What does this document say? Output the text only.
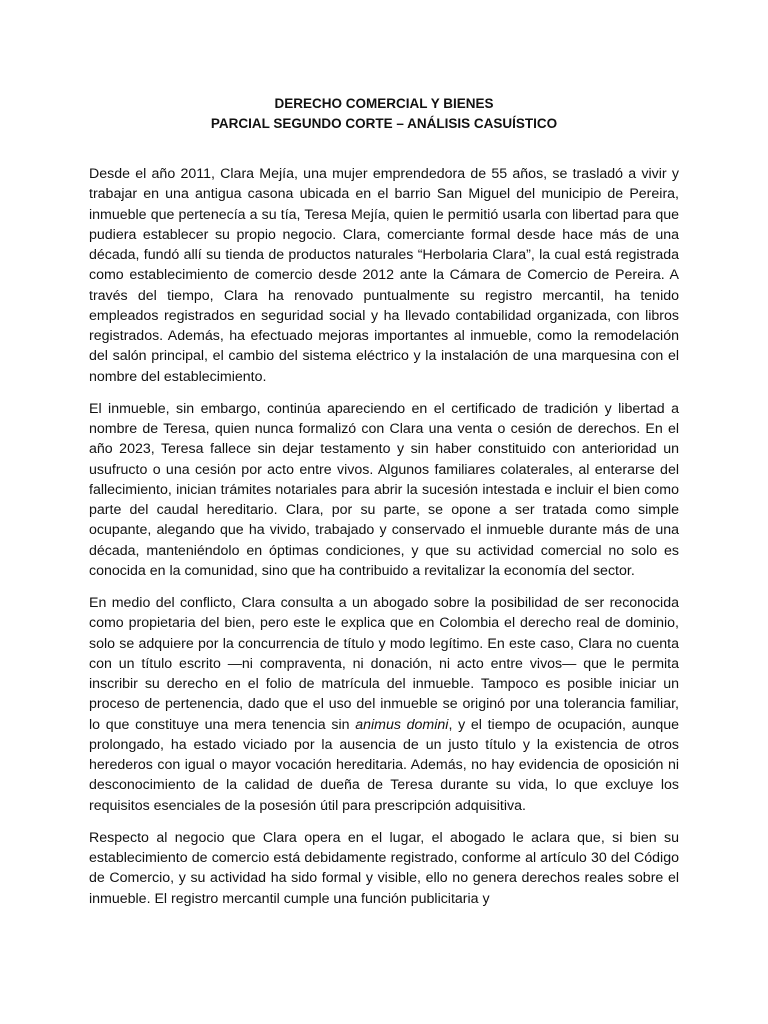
DERECHO COMERCIAL Y BIENES

PARCIAL SEGUNDO CORTE – ANÁLISIS CASUÍSTICO

Desde el año 2011, Clara Mejía, una mujer emprendedora de 55 años, se trasladó a vivir y trabajar en una antigua casona ubicada en el barrio San Miguel del municipio de Pereira, inmueble que pertenecía a su tía, Teresa Mejía, quien le permitió usarla con libertad para que pudiera establecer su propio negocio. Clara, comerciante formal desde hace más de una década, fundó allí su tienda de productos naturales “Herbolaria Clara”, la cual está registrada como establecimiento de comercio desde 2012 ante la Cámara de Comercio de Pereira. A través del tiempo, Clara ha renovado puntualmente su registro mercantil, ha tenido empleados registrados en seguridad social y ha llevado contabilidad organizada, con libros registrados. Además, ha efectuado mejoras importantes al inmueble, como la remodelación del salón principal, el cambio del sistema eléctrico y la instalación de una marquesina con el nombre del establecimiento.

El inmueble, sin embargo, continúa apareciendo en el certificado de tradición y libertad a nombre de Teresa, quien nunca formalizó con Clara una venta o cesión de derechos. En el año 2023, Teresa fallece sin dejar testamento y sin haber constituido con anterioridad un usufructo o una cesión por acto entre vivos. Algunos familiares colaterales, al enterarse del fallecimiento, inician trámites notariales para abrir la sucesión intestada e incluir el bien como parte del caudal hereditario. Clara, por su parte, se opone a ser tratada como simple ocupante, alegando que ha vivido, trabajado y conservado el inmueble durante más de una década, manteniéndolo en óptimas condiciones, y que su actividad comercial no solo es conocida en la comunidad, sino que ha contribuido a revitalizar la economía del sector.

En medio del conflicto, Clara consulta a un abogado sobre la posibilidad de ser reconocida como propietaria del bien, pero este le explica que en Colombia el derecho real de dominio, solo se adquiere por la concurrencia de título y modo legítimo. En este caso, Clara no cuenta con un título escrito —ni compraventa, ni donación, ni acto entre vivos— que le permita inscribir su derecho en el folio de matrícula del inmueble. Tampoco es posible iniciar un proceso de pertenencia, dado que el uso del inmueble se originó por una tolerancia familiar, lo que constituye una mera tenencia sin animus domini, y el tiempo de ocupación, aunque prolongado, ha estado viciado por la ausencia de un justo título y la existencia de otros herederos con igual o mayor vocación hereditaria. Además, no hay evidencia de oposición ni desconocimiento de la calidad de dueña de Teresa durante su vida, lo que excluye los requisitos esenciales de la posesión útil para prescripción adquisitiva.

Respecto al negocio que Clara opera en el lugar, el abogado le aclara que, si bien su establecimiento de comercio está debidamente registrado, conforme al artículo 30 del Código de Comercio, y su actividad ha sido formal y visible, ello no genera derechos reales sobre el inmueble. El registro mercantil cumple una función publicitaria y
